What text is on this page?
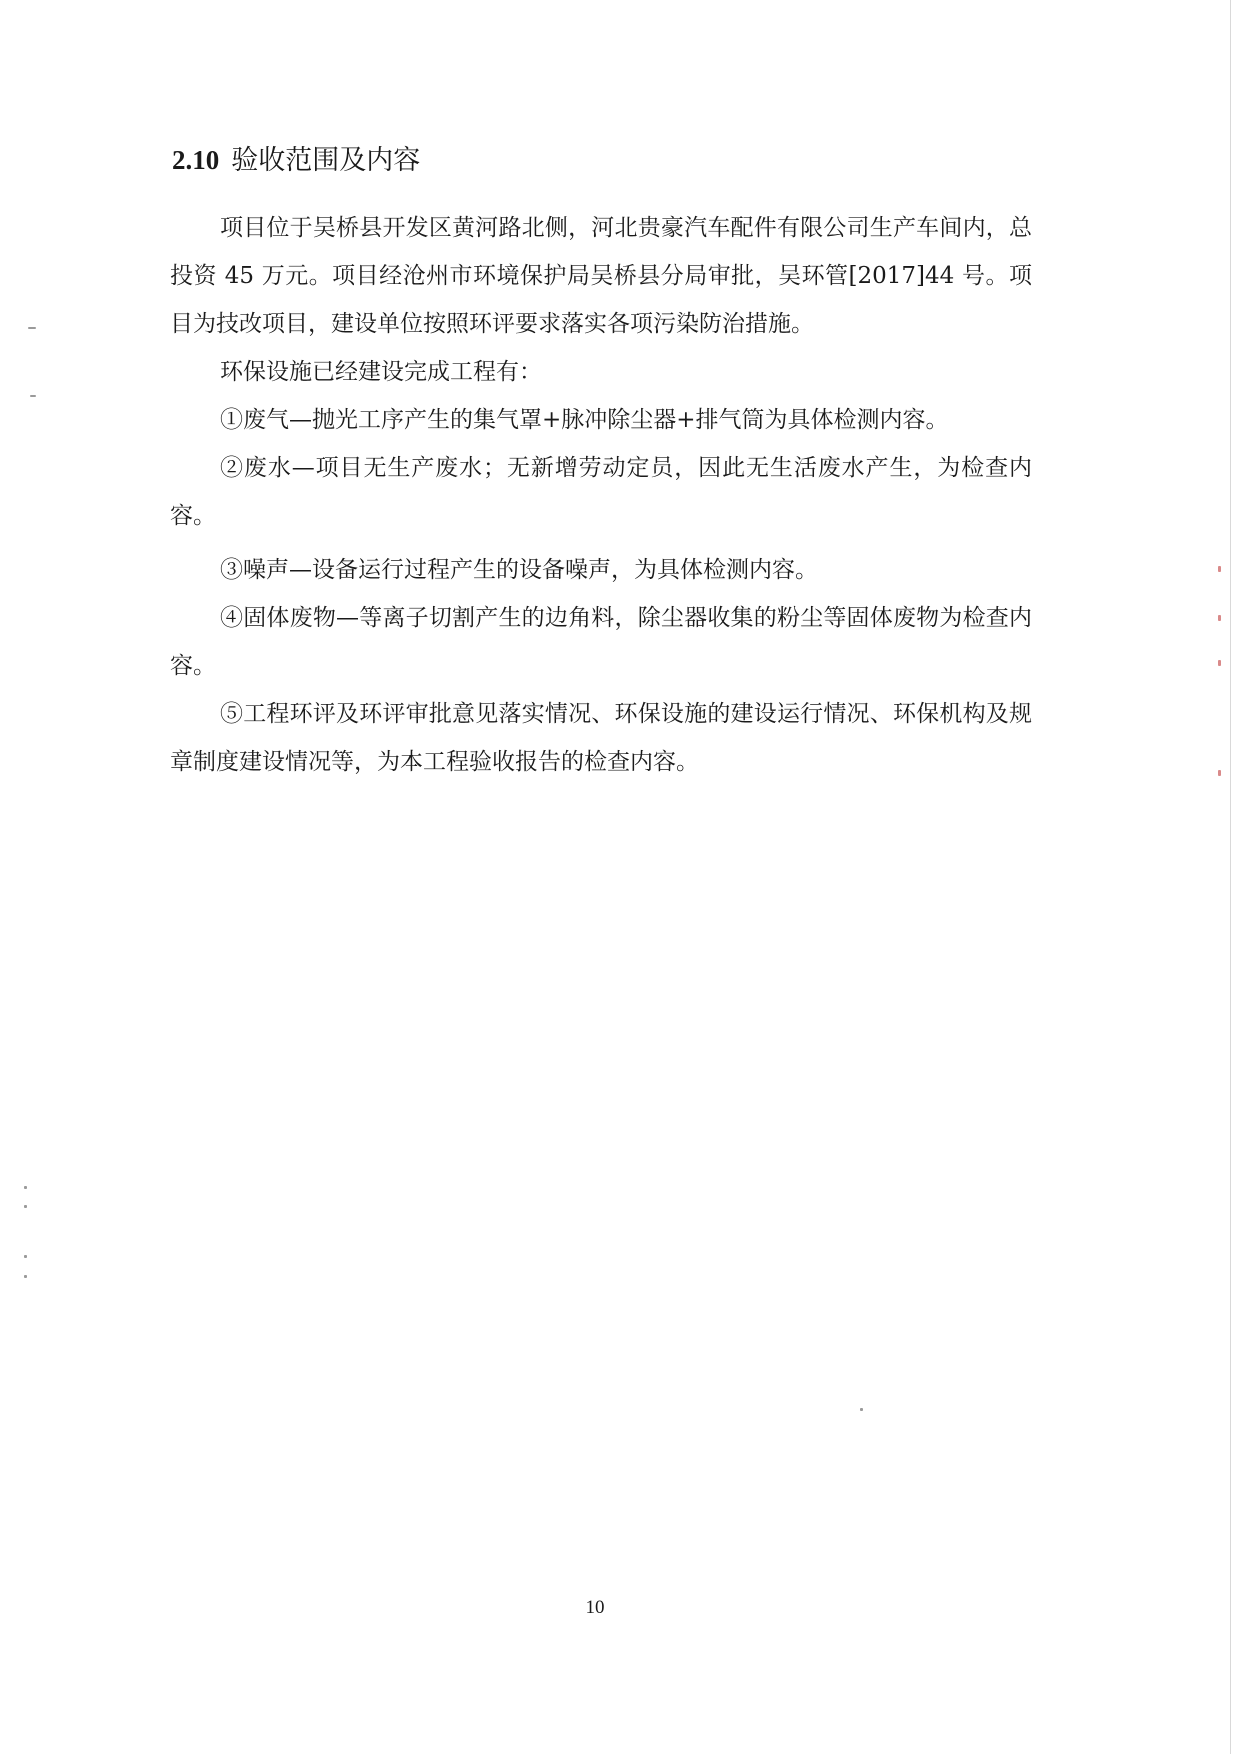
2.10 验收范围及内容

项目位于吴桥县开发区黄河路北侧，河北贵豪汽车配件有限公司生产车间内，总投资 45 万元。项目经沧州市环境保护局吴桥县分局审批，吴环管[2017]44 号。项目为技改项目，建设单位按照环评要求落实各项污染防治措施。

环保设施已经建设完成工程有：

①废气—抛光工序产生的集气罩+脉冲除尘器+排气筒为具体检测内容。

②废水—项目无生产废水；无新增劳动定员，因此无生活废水产生，为检查内容。

③噪声—设备运行过程产生的设备噪声，为具体检测内容。

④固体废物—等离子切割产生的边角料，除尘器收集的粉尘等固体废物为检查内容。

⑤工程环评及环评审批意见落实情况、环保设施的建设运行情况、环保机构及规章制度建设情况等，为本工程验收报告的检查内容。

10
